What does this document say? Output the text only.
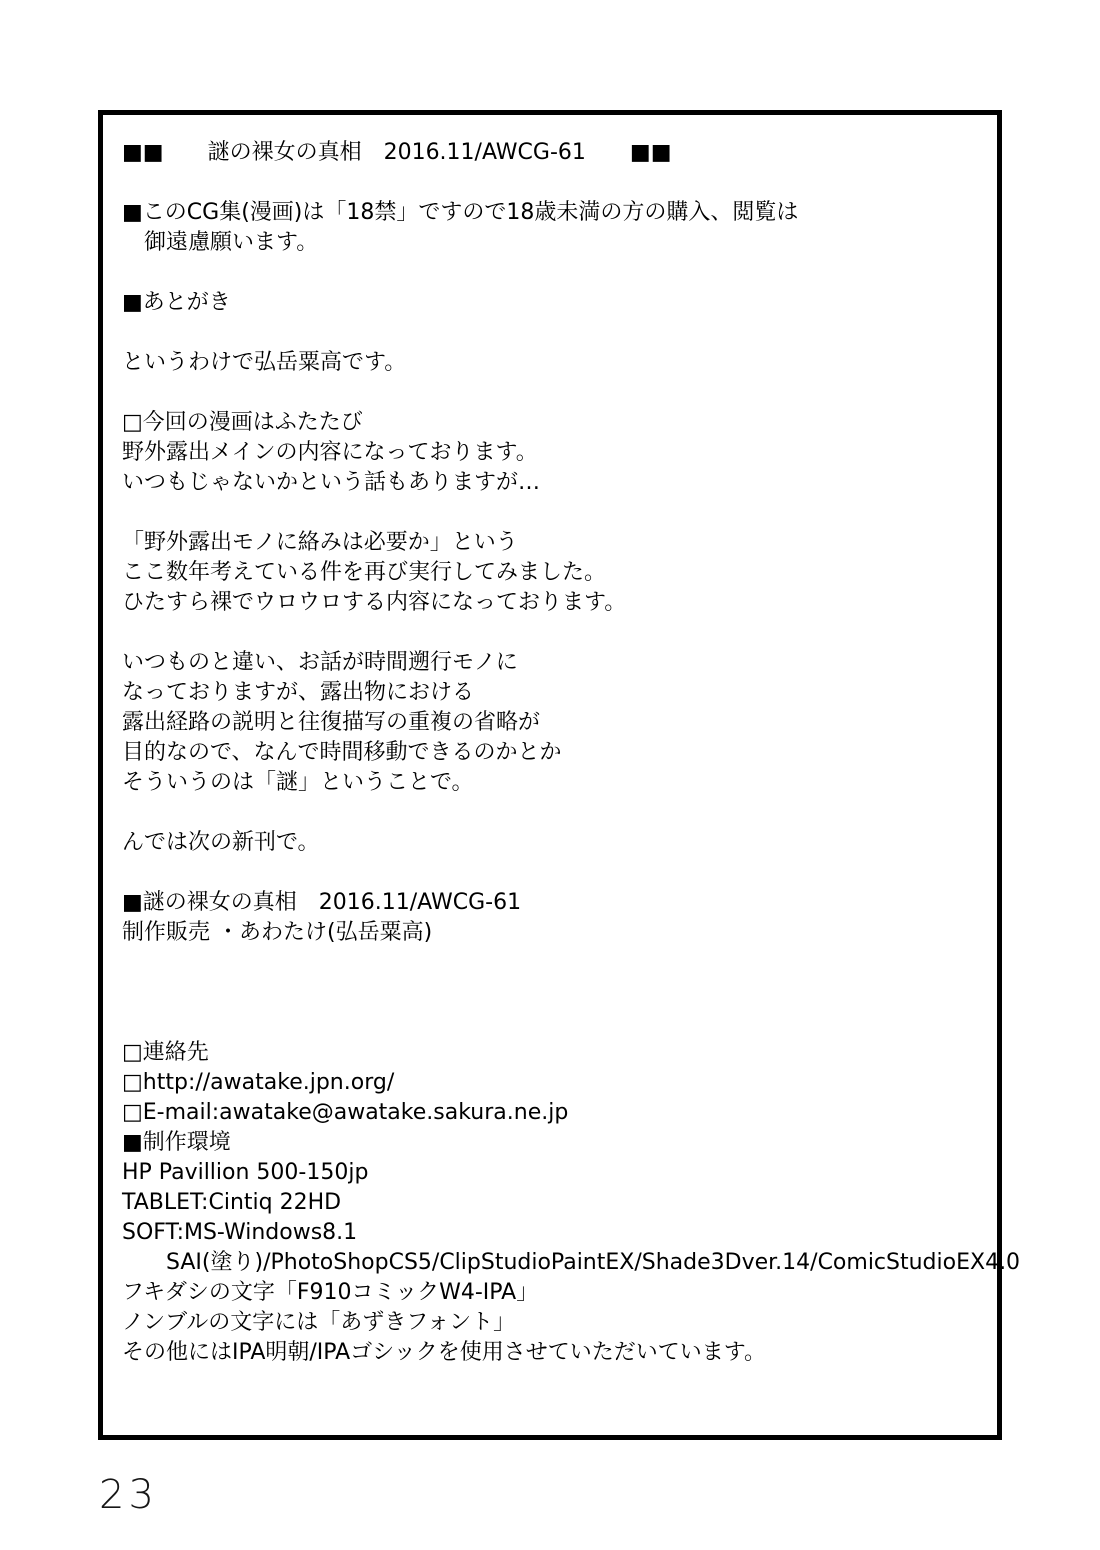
■■　　謎の裸女の真相　2016.11/AWCG-61　　■■

■このCG集(漫画)は「18禁」ですので18歳未満の方の購入、閲覧は
　御遠慮願います。

■あとがき

というわけで弘岳粟高です。

□今回の漫画はふたたび
野外露出メインの内容になっております。
いつもじゃないかという話もありますが…

「野外露出モノに絡みは必要か」という
ここ数年考えている件を再び実行してみました。
ひたすら裸でウロウロする内容になっております。

いつものと違い、お話が時間遡行モノに
なっておりますが、露出物における
露出経路の説明と往復描写の重複の省略が
目的なので、なんで時間移動できるのかとか
そういうのは「謎」ということで。

んでは次の新刊で。

■謎の裸女の真相　2016.11/AWCG-61
制作販売 ・あわたけ(弘岳粟高)

□連絡先
□http://awatake.jpn.org/
□E-mail:awatake@awatake.sakura.ne.jp
■制作環境
HP Pavillion 500-150jp
TABLET:Cintiq 22HD
SOFT:MS-Windows8.1
　　SAI(塗り)/PhotoShopCS5/ClipStudioPaintEX/Shade3Dver.14/ComicStudioEX4.0
フキダシの文字「F910コミックW4-IPA」
ノンブルの文字には「あずきフォント」
その他にはIPA明朝/IPAゴシックを使用させていただいています。
23
